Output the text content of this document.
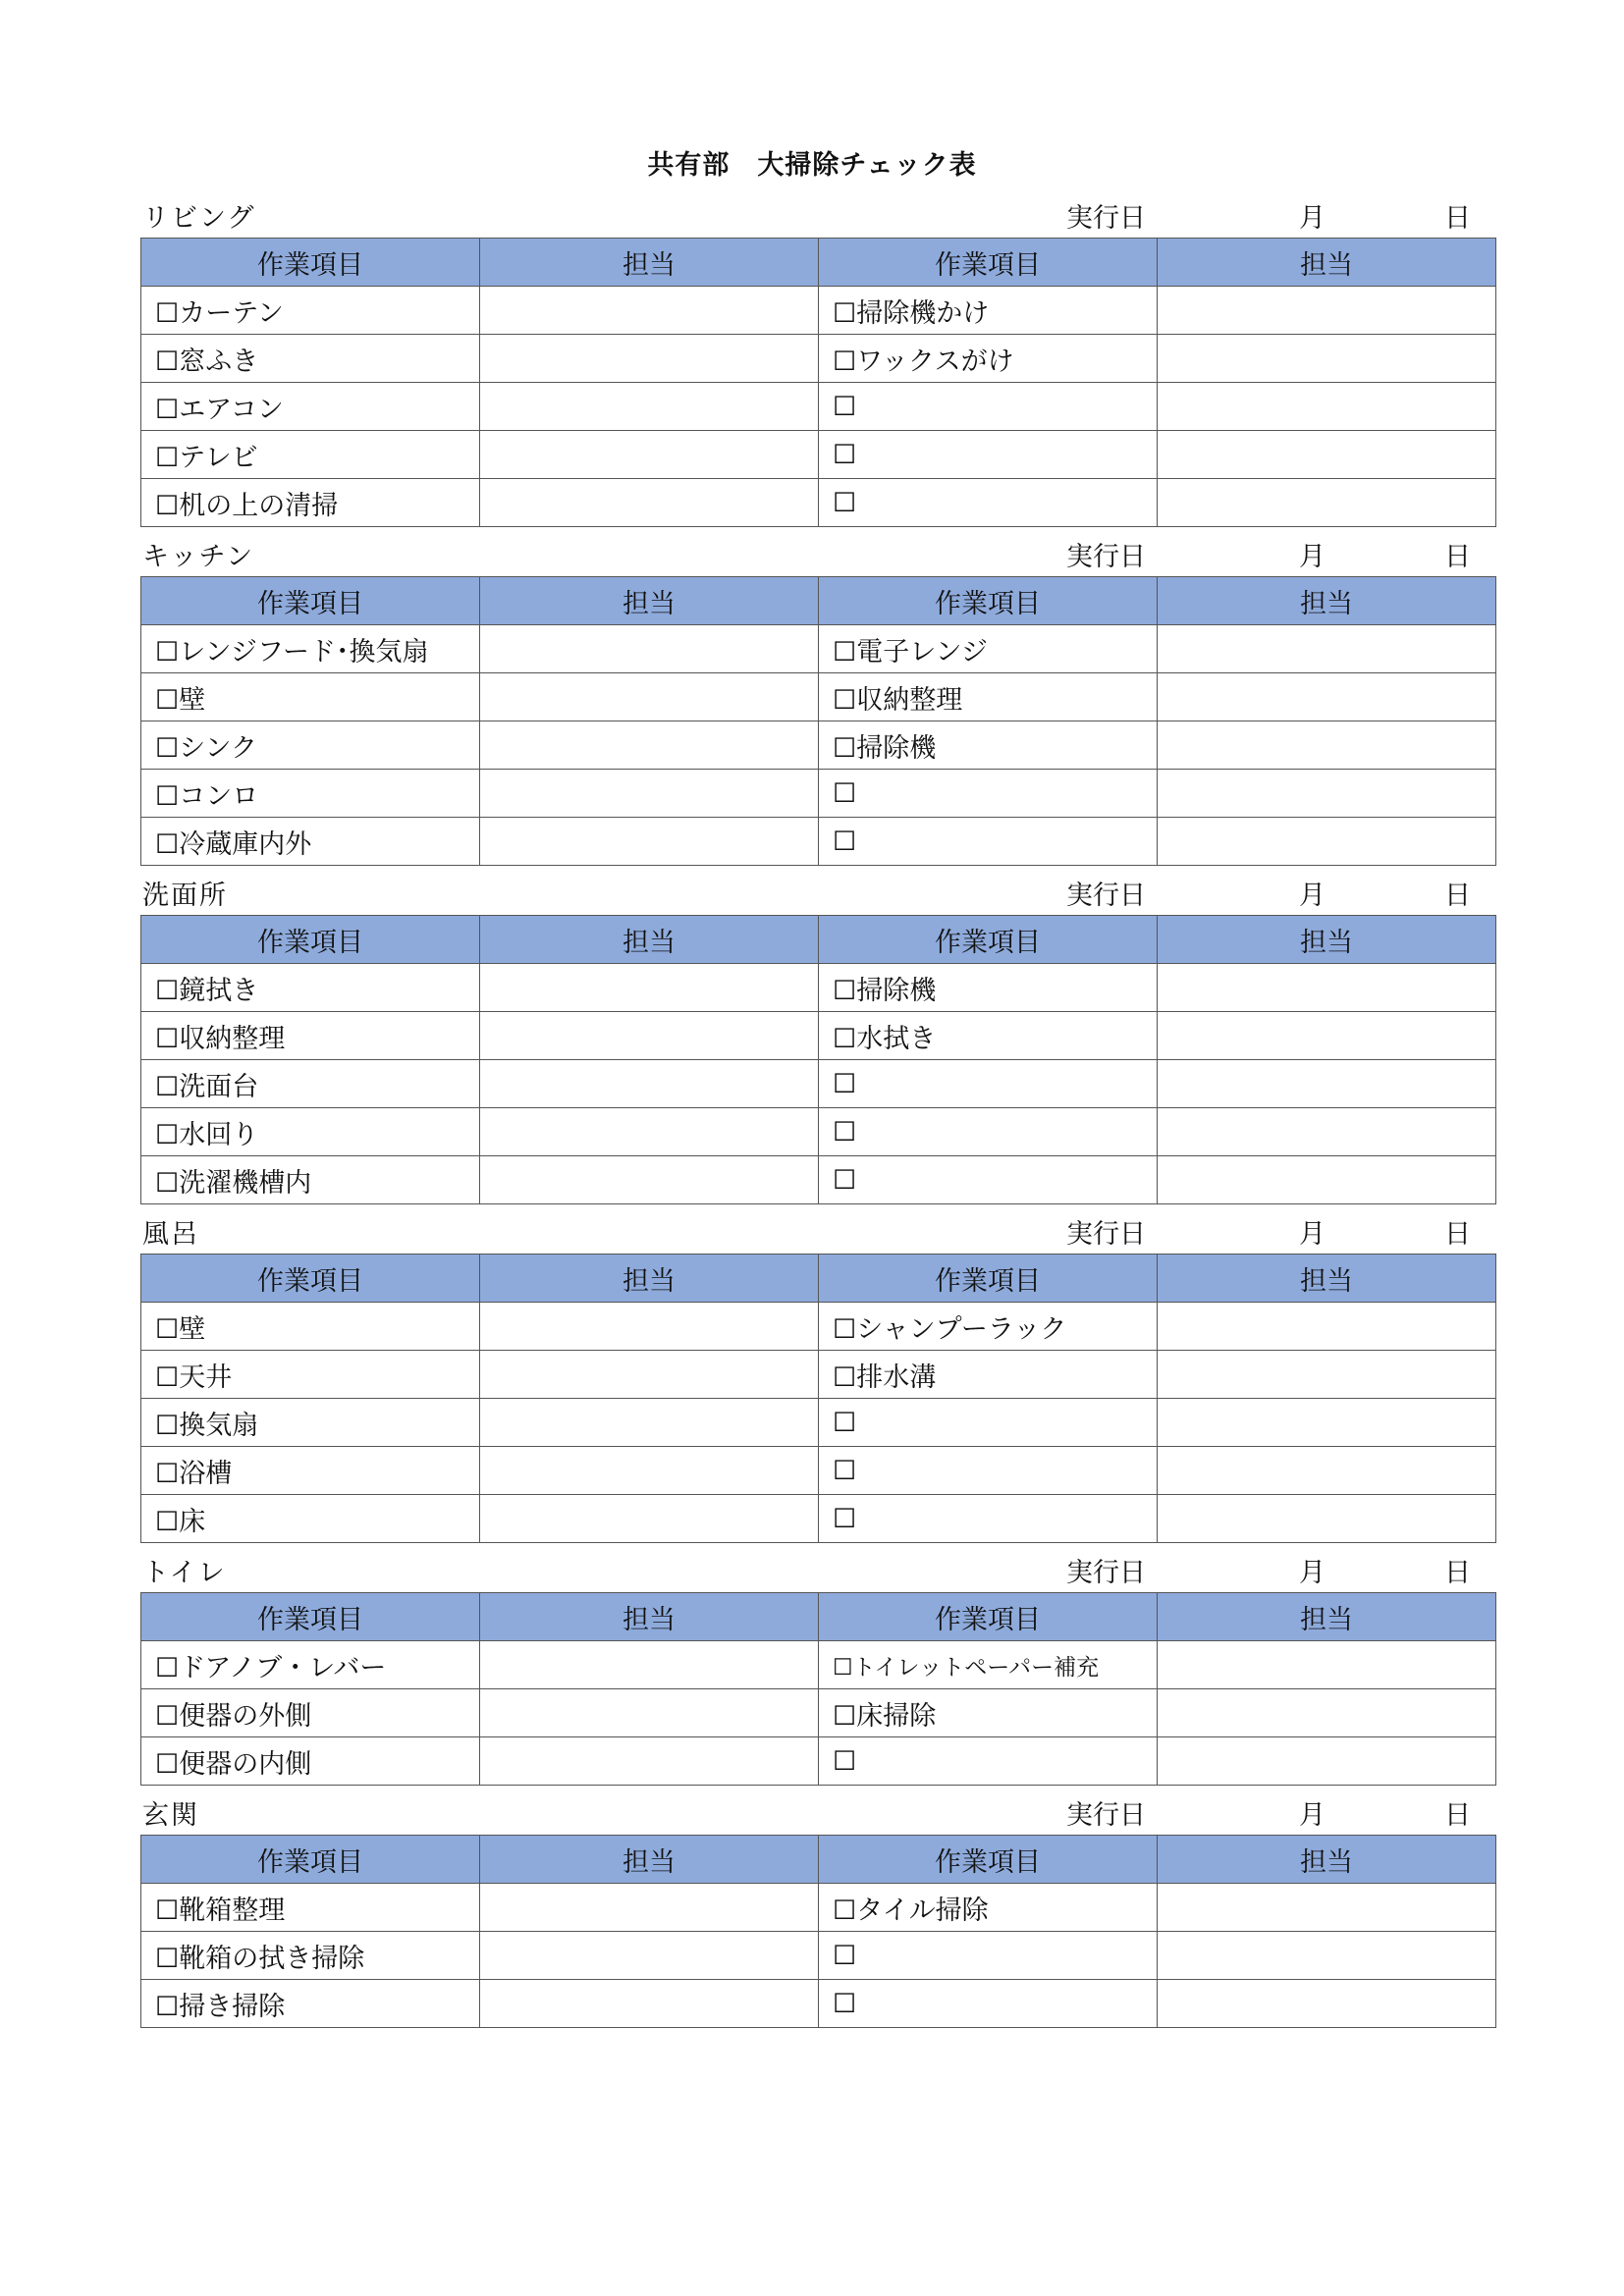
共有部　大掃除チェック表
リビング	実行日	月	日
作業項目	担当	作業項目	担当
☐カーテン		☐掃除機かけ	
☐窓ふき		☐ワックスがけ	
☐エアコン		☐	
☐テレビ		☐	
☐机の上の清掃		☐	
キッチン	実行日	月	日
作業項目	担当	作業項目	担当
☐レンジフード･換気扇		☐電子レンジ	
☐壁		☐収納整理	
☐シンク		☐掃除機	
☐コンロ		☐	
☐冷蔵庫内外		☐	
洗面所	実行日	月	日
作業項目	担当	作業項目	担当
☐鏡拭き		☐掃除機	
☐収納整理		☐水拭き	
☐洗面台		☐	
☐水回り		☐	
☐洗濯機槽内		☐	
風呂	実行日	月	日
作業項目	担当	作業項目	担当
☐壁		☐シャンプーラック	
☐天井		☐排水溝	
☐換気扇		☐	
☐浴槽		☐	
☐床		☐	
トイレ	実行日	月	日
作業項目	担当	作業項目	担当
☐ドアノブ・レバー		☐トイレットペーパー補充	
☐便器の外側		☐床掃除	
☐便器の内側		☐	
玄関	実行日	月	日
作業項目	担当	作業項目	担当
☐靴箱整理		☐タイル掃除	
☐靴箱の拭き掃除		☐	
☐掃き掃除		☐	
